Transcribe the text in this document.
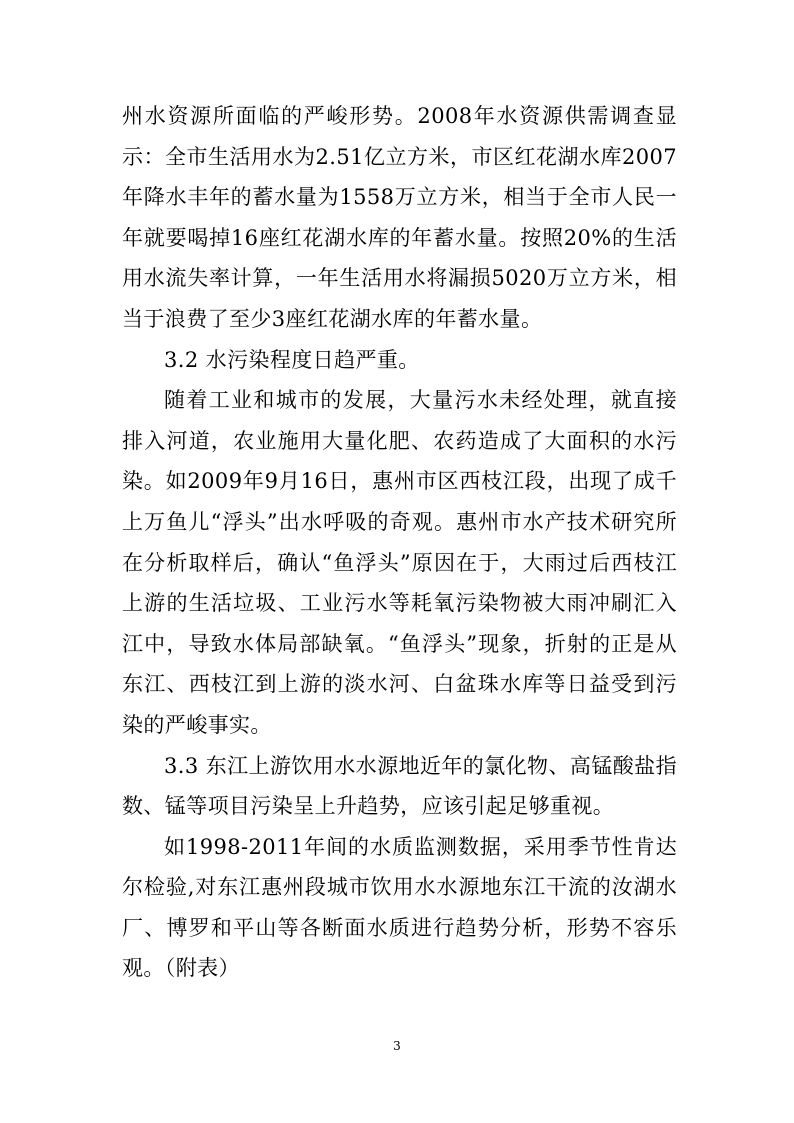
州水资源所面临的严峻形势。2008年水资源供需调查显示：全市生活用水为2.51亿立方米，市区红花湖水库2007年降水丰年的蓄水量为1558万立方米，相当于全市人民一年就要喝掉16座红花湖水库的年蓄水量。按照20%的生活用水流失率计算，一年生活用水将漏损5020万立方米，相当于浪费了至少3座红花湖水库的年蓄水量。

3.2 水污染程度日趋严重。

随着工业和城市的发展，大量污水未经处理，就直接排入河道，农业施用大量化肥、农药造成了大面积的水污染。如2009年9月16日，惠州市区西枝江段，出现了成千上万鱼儿“浮头”出水呼吸的奇观。惠州市水产技术研究所在分析取样后，确认“鱼浮头”原因在于，大雨过后西枝江上游的生活垃圾、工业污水等耗氧污染物被大雨冲刷汇入江中，导致水体局部缺氧。“鱼浮头”现象，折射的正是从东江、西枝江到上游的淡水河、白盆珠水库等日益受到污染的严峻事实。

3.3 东江上游饮用水水源地近年的氯化物、高锰酸盐指数、锰等项目污染呈上升趋势，应该引起足够重视。

如1998-2011年间的水质监测数据，采用季节性肯达尔检验,对东江惠州段城市饮用水水源地东江干流的汝湖水厂、博罗和平山等各断面水质进行趋势分析，形势不容乐观。（附表）

3
